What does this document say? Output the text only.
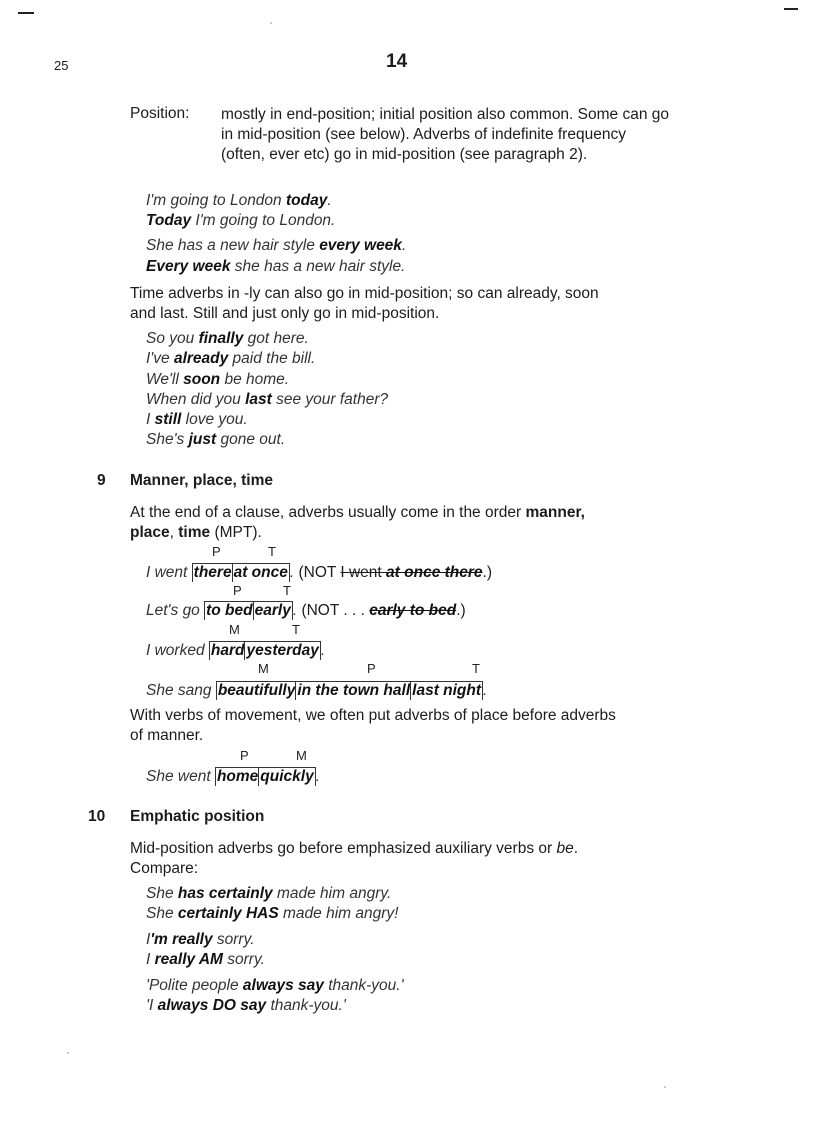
25	14
Position: mostly in end-position; initial position also common. Some can go in mid-position (see below). Adverbs of indefinite frequency (often, ever etc) go in mid-position (see paragraph 2).
I'm going to London today.
Today I'm going to London.
She has a new hair style every week.
Every week she has a new hair style.
Time adverbs in -ly can also go in mid-position; so can already, soon
and last. Still and just only go in mid-position.
So you finally got here.
I've already paid the bill.
We'll soon be home.
When did you last see your father?
I still love you.
She's just gone out.
9 Manner, place, time
At the end of a clause, adverbs usually come in the order manner,
place, time (MPT).
P	T
I went there at once . (NOT I went at once there.)
P	T
Let's go to bed early . (NOT . . . early to bed.)
M	T
I worked hard yesterday .
M	P	T
She sang beautifully in the town hall last night .
With verbs of movement, we often put adverbs of place before adverbs
of manner.
P	M
She went home quickly .
10 Emphatic position
Mid-position adverbs go before emphasized auxiliary verbs or be.
Compare:
She has certainly made him angry.
She certainly HAS made him angry!
I'm really sorry.
I really AM sorry.
'Polite people always say thank-you.'
'I always DO say thank-you.'
